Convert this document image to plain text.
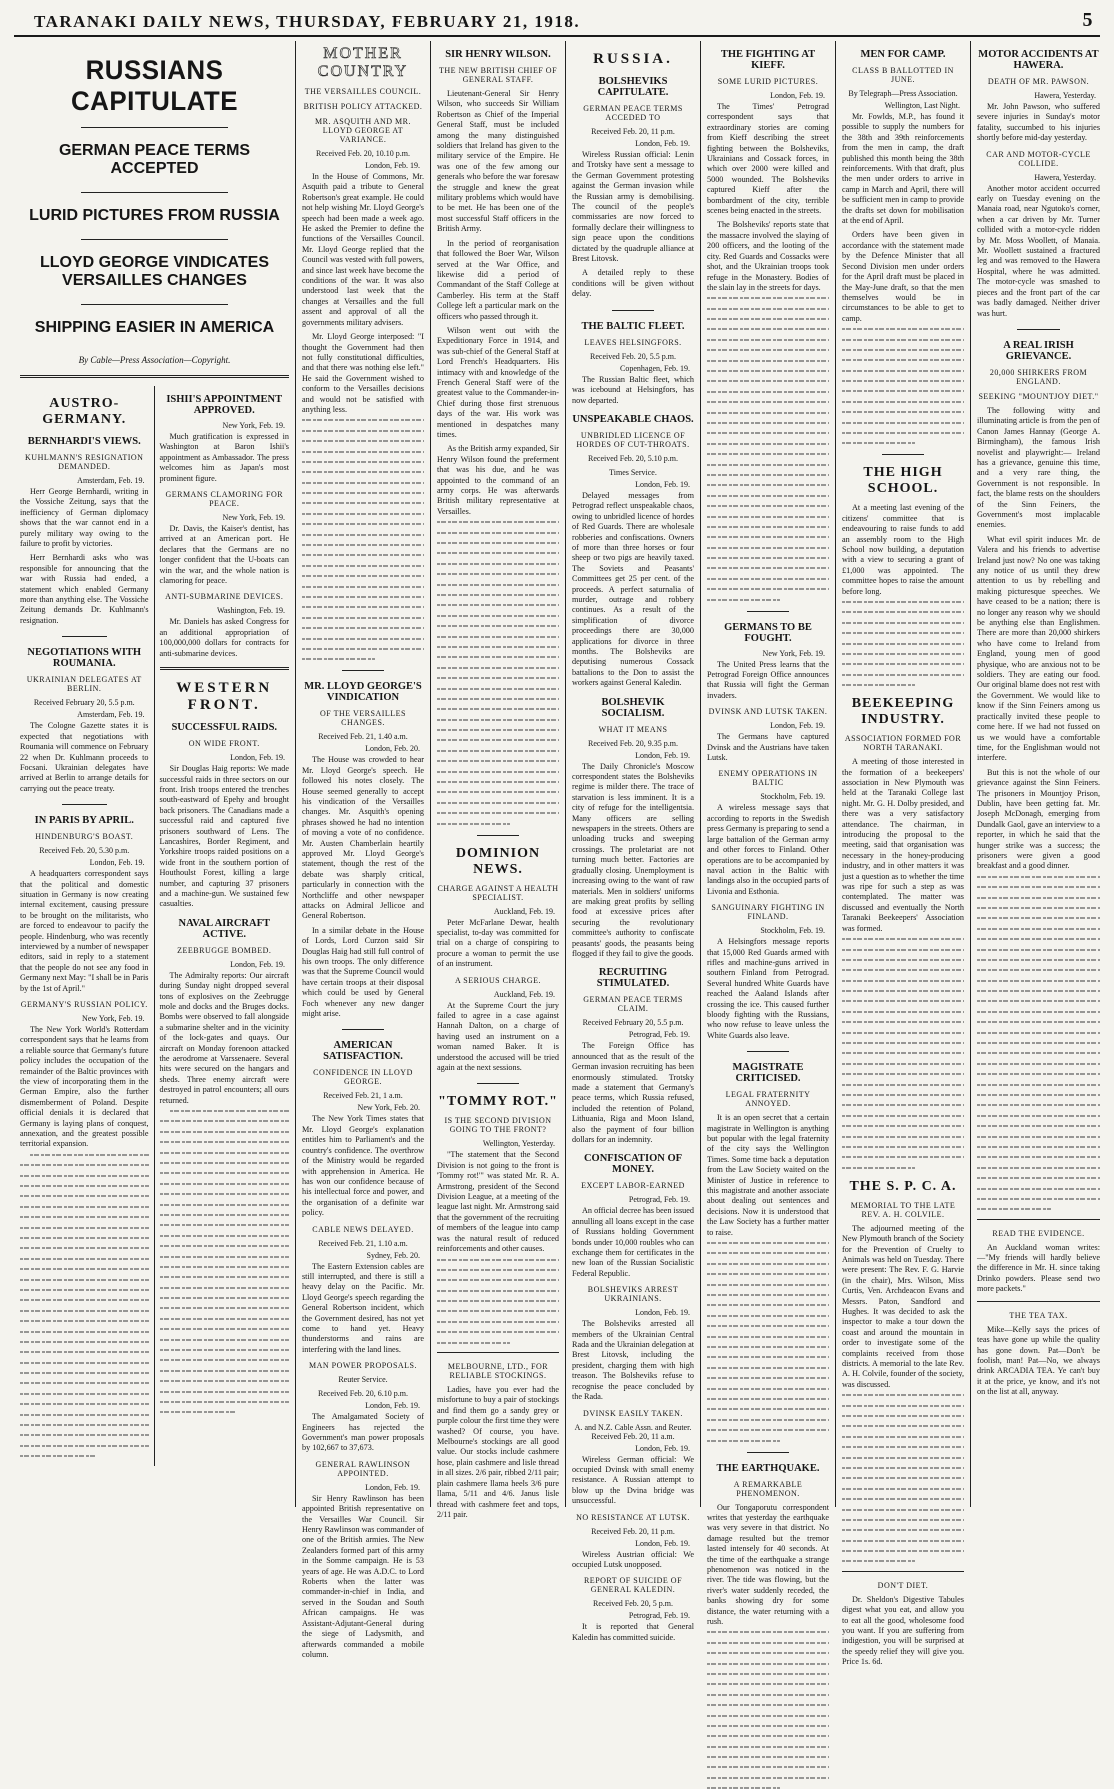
TARANAKI DAILY NEWS, THURSDAY, FEBRUARY 21, 1918.	5
RUSSIANS CAPITULATE
GERMAN PEACE TERMS ACCEPTED
LURID PICTURES FROM RUSSIA
LLOYD GEORGE VINDICATES VERSAILLES CHANGES
SHIPPING EASIER IN AMERICA
By Cable—Press Association—Copyright.
AUSTRO-GERMANY.
BERNHARDI'S VIEWS.
KUHLMANN'S RESIGNATION DEMANDED.
Amsterdam, Feb. 19.

Herr George Bernhardi, writing in the Vossiche Zeitung, says that the inefficiency of German diplomacy shows that the war cannot end in a purely military way owing to the failure to profit by victories.

Herr Bernhardi asks who was responsible for announcing that the war with Russia had ended, a statement which enabled Germany more than anything else. The Vossiche Zeitung demands Dr. Kuhlmann's resignation.

NEGOTIATIONS WITH ROUMANIA.
UKRAINIAN DELEGATES AT BERLIN.
Received February 20, 5.5 p.m.
Amsterdam, Feb. 19.

The Cologne Gazette states it is expected that negotiations with Roumania will commence on February 22 when Dr. Kuhlmann proceeds to Focsani. Ukrainian delegates have arrived at Berlin to arrange details for carrying out the peace treaty.

IN PARIS BY APRIL.
HINDENBURG'S BOAST.
Received Feb. 20, 5.30 p.m.
London, Feb. 19.

A headquarters correspondent says that the political and domestic situation in Germany is now creating internal excitement, causing pressure to be brought on the militarists, who are forced to endeavour to pacify the people. Hindenburg, who was recently interviewed by a number of newspaper editors, said in reply to a statement that the people do not see any food in Germany next May: "I shall be in Paris by the 1st of April."

GERMANY'S RUSSIAN POLICY.
New York, Feb. 19.

The New York World's Rotterdam correspondent says that he learns from a reliable source that Germany's future policy includes the occupation of the remainder of the Baltic provinces with the view of incorporating them in the German Empire, also the further dismemberment of Poland. Despite official denials it is declared that Germany is laying plans of conquest, annexation, and the greatest possible territorial expansion.

ISHII'S APPOINTMENT APPROVED.
New York, Feb. 19.

Much gratification is expressed in Washington at Baron Ishii's appointment as Ambassador. The press welcomes him as Japan's most prominent figure.

GERMANS CLAMORING FOR PEACE.
New York, Feb. 19.

Dr. Davis, the Kaiser's dentist, has arrived at an American port. He declares that the Germans are no longer confident that the U-boats can win the war, and the whole nation is clamoring for peace.

ANTI-SUBMARINE DEVICES.
Washington, Feb. 19.

Mr. Daniels has asked Congress for an additional appropriation of 100,000,000 dollars for contracts for anti-submarine devices.

WESTERN FRONT.
SUCCESSFUL RAIDS.
ON WIDE FRONT.
London, Feb. 19.

Sir Douglas Haig reports: We made successful raids in three sectors on our front. Irish troops entered the trenches south-eastward of Epehy and brought back prisoners. The Canadians made a successful raid and captured five prisoners southward of Lens. The Lancashires, Border Regiment, and Yorkshire troops raided positions on a wide front in the southern portion of Houthoulst Forest, killing a large number, and capturing 37 prisoners and a machine-gun. We sustained few casualties.

NAVAL AIRCRAFT ACTIVE.
ZEEBRUGGE BOMBED.
London, Feb. 19.

The Admiralty reports: Our aircraft during Sunday night dropped several tons of explosives on the Zeebrugge mole and docks and the Bruges docks. Bombs were observed to fall alongside a submarine shelter and in the vicinity of the lock-gates and quays. Our aircraft on Monday forenoon attacked the aerodrome at Varssenaere. Several hits were secured on the hangars and sheds. Three enemy aircraft were destroyed in patrol encounters; all ours returned.

MOTHER COUNTRY
THE VERSAILLES COUNCIL.
BRITISH POLICY ATTACKED.
MR. ASQUITH AND MR. LLOYD GEORGE AT VARIANCE.
Received Feb. 20, 10.10 p.m.
London, Feb. 19.

In the House of Commons, Mr. Asquith paid a tribute to General Robertson's great example. He could not help wishing Mr. Lloyd George's speech had been made a week ago. He asked the Premier to define the functions of the Versailles Council. Mr. Lloyd George replied that the Council was vested with full powers, and since last week have become the conditions of the war. It was also understood last week that the changes at Versailles and the full assent and approval of all the governments military advisers.

Mr. Lloyd George interposed: "I thought the Government had then not fully constitutional difficulties, and that there was nothing else left." He said the Government wished to conform to the Versailles decisions and would not be satisfied with anything less.

MR. LLOYD GEORGE'S VINDICATION
OF THE VERSAILLES CHANGES.
Received Feb. 21, 1.40 a.m.
London, Feb. 20.

The House was crowded to hear Mr. Lloyd George's speech. He followed his notes closely. The House seemed generally to accept his vindication of the Versailles changes. Mr. Asquith's opening phrases showed he had no intention of moving a vote of no confidence. Mr. Austen Chamberlain heartily approved Mr. Lloyd George's statement, though the rest of the debate was sharply critical, particularly in connection with the Northcliffe and other newspaper attacks on Admiral Jellicoe and General Robertson.

In a similar debate in the House of Lords, Lord Curzon said Sir Douglas Haig had still full control of his own troops. The only difference was that the Supreme Council would have certain troops at their disposal which could be used by General Foch whenever any new danger might arise.

AMERICAN SATISFACTION.
CONFIDENCE IN LLOYD GEORGE.
Received Feb. 21, 1 a.m.
New York, Feb. 20.

The New York Times states that Mr. Lloyd George's explanation entitles him to Parliament's and the country's confidence. The overthrow of the Ministry would be regarded with apprehension in America. He has won our confidence because of his intellectual force and power, and the organisation of a definite war policy.

CABLE NEWS DELAYED.
Received Feb. 21, 1.10 a.m.
Sydney, Feb. 20.

The Eastern Extension cables are still interrupted, and there is still a heavy delay on the Pacific. Mr. Lloyd George's speech regarding the General Robertson incident, which the Government desired, has not yet come to hand yet. Heavy thunderstorms and rains are interfering with the land lines.

MAN POWER PROPOSALS.
Reuter Service.
Received Feb. 20, 6.10 p.m.
London, Feb. 19.

The Amalgamated Society of Engineers has rejected the Government's man power proposals by 102,667 to 37,673.

GENERAL RAWLINSON APPOINTED.
London, Feb. 19.

Sir Henry Rawlinson has been appointed British representative on the Versailles War Council. Sir Henry Rawlinson was commander of one of the British armies. The New Zealanders formed part of this army in the Somme campaign. He is 53 years of age. He was A.D.C. to Lord Roberts when the latter was commander-in-chief in India, and served in the Soudan and South African campaigns. He was Assistant-Adjutant-General during the siege of Ladysmith, and afterwards commanded a mobile column.

SIR HENRY WILSON.
THE NEW BRITISH CHIEF OF GENERAL STAFF.

Lieutenant-General Sir Henry Wilson, who succeeds Sir William Robertson as Chief of the Imperial General Staff, must be included among the many distinguished soldiers that Ireland has given to the military service of the Empire. He was one of the few among our generals who before the war foresaw the struggle and knew the great military problems which would have to be met. He has been one of the most successful Staff officers in the British Army.

In the period of reorganisation that followed the Boer War, Wilson served at the War Office, and likewise did a period of Commandant of the Staff College at Camberley. His term at the Staff College left a particular mark on the officers who passed through it.

Wilson went out with the Expeditionary Force in 1914, and was sub-chief of the General Staff at Lord French's Headquarters. His intimacy with and knowledge of the French General Staff were of the greatest value to the Commander-in-Chief during those first strenuous days of the war. His work was mentioned in despatches many times.

As the British army expanded, Sir Henry Wilson found the preferment that was his due, and he was appointed to the command of an army corps. He was afterwards British military representative at Versailles.

DOMINION NEWS.
CHARGE AGAINST A HEALTH SPECIALIST.
Auckland, Feb. 19.

Peter McFarlane Dewar, health specialist, to-day was committed for trial on a charge of conspiring to procure a woman to permit the use of an instrument.

A SERIOUS CHARGE.
Auckland, Feb. 19.

At the Supreme Court the jury failed to agree in a case against Hannah Dalton, on a charge of having used an instrument on a woman named Baker. It is understood the accused will be tried again at the next sessions.

"TOMMY ROT."
IS THE SECOND DIVISION GOING TO THE FRONT?
Wellington, Yesterday.

"The statement that the Second Division is not going to the front is 'Tommy rot!'" was stated Mr. R. A. Armstrong, president of the Second Division League, at a meeting of the league last night. Mr. Armstrong said that the government of the recruiting of members of the league into camp was the natural result of reduced reinforcements and other causes.

MELBOURNE, LTD., FOR RELIABLE STOCKINGS.

Ladies, have you ever had the misfortune to buy a pair of stockings and find them go a sandy grey or purple colour the first time they were washed? Of course, you have. Melbourne's stockings are all good value. Our stocks include cashmere hose, plain cashmere and lisle thread in all sizes. 2/6 pair, ribbed 2/11 pair; plain cashmere llama heels 3/6 pure llama, 5/11 and 4/6. Janus lisle thread with cashmere feet and tops, 2/11 pair.

RUSSIA.
BOLSHEVIKS CAPITULATE.
GERMAN PEACE TERMS ACCEDED TO
Received Feb. 20, 11 p.m.
London, Feb. 19.

Wireless Russian official: Lenin and Trotsky have sent a message to the German Government protesting against the German invasion while the Russian army is demobilising. The council of the people's commissaries are now forced to formally declare their willingness to sign peace upon the conditions dictated by the quadruple alliance at Brest Litovsk.

A detailed reply to these conditions will be given without delay.

THE BALTIC FLEET.
LEAVES HELSINGFORS.
Received Feb. 20, 5.5 p.m.
Copenhagen, Feb. 19.

The Russian Baltic fleet, which was icebound at Helsingfors, has now departed.

UNSPEAKABLE CHAOS.
UNBRIDLED LICENCE OF HORDES OF CUT-THROATS.
Received Feb. 20, 5.10 p.m.
Times Service.
London, Feb. 19.

Delayed messages from Petrograd reflect unspeakable chaos, owing to unbridled licence of hordes of Red Guards. There are wholesale robberies and confiscations. Owners of more than three horses or four sheep or two pigs are heavily taxed. The Soviets and Peasants' Committees get 25 per cent. of the proceeds. A perfect saturnalia of murder, outrage and robbery continues. As a result of the simplification of divorce proceedings there are 30,000 applications for divorce in three months. The Bolsheviks are deputising numerous Cossack battalions to the Don to assist the workers against General Kaledin.

BOLSHEVIK SOCIALISM.
WHAT IT MEANS
Received Feb. 20, 9.35 p.m.
London, Feb. 19.

The Daily Chronicle's Moscow correspondent states the Bolsheviks regime is milder there. The trace of starvation is less imminent. It is a city of refuge for the intelligentsia. Many officers are selling newspapers in the streets. Others are unloading trucks and sweeping crossings. The proletariat are not turning much better. Factories are gradually closing. Unemployment is increasing owing to the want of raw materials. Men in soldiers' uniforms are making great profits by selling food at excessive prices after securing the revolutionary committee's authority to confiscate peasants' goods, the peasants being flogged if they fail to give the goods.

RECRUITING STIMULATED.
GERMAN PEACE TERMS CLAIM.
Received February 20, 5.5 p.m.
Petrograd, Feb. 19.

The Foreign Office has announced that as the result of the German invasion recruiting has been enormously stimulated. Trotsky made a statement that Germany's peace terms, which Russia refused, included the retention of Poland, Lithuania, Riga and Moon Island, also the payment of four billion dollars for an indemnity.

CONFISCATION OF MONEY.
EXCEPT LABOR-EARNED
Petrograd, Feb. 19.

An official decree has been issued annulling all loans except in the case of Russians holding Government bonds under 10,000 roubles who can exchange them for certificates in the new loan of the Russian Socialistic Federal Republic.

BOLSHEVIKS ARREST UKRAINIANS.
London, Feb. 19.

The Bolsheviks arrested all members of the Ukrainian Central Rada and the Ukrainian delegation at Brest Litovsk, including the president, charging them with high treason. The Bolsheviks refuse to recognise the peace concluded by the Rada.

DVINSK EASILY TAKEN.
A. and N.Z. Cable Assn. and Reuter. Received Feb. 20, 11 a.m.
London, Feb. 19.

Wireless German official: We occupied Dvinsk with small enemy resistance. A Russian attempt to blow up the Dvina bridge was unsuccessful.

NO RESISTANCE AT LUTSK.
Received Feb. 20, 11 p.m.
London, Feb. 19.

Wireless Austrian official: We occupied Lutsk unopposed.

REPORT OF SUICIDE OF GENERAL KALEDIN.
Received Feb. 20, 5 p.m.
Petrograd, Feb. 19.

It is reported that General Kaledin has committed suicide.

THE FIGHTING AT KIEFF.
SOME LURID PICTURES.
London, Feb. 19.

The Times' Petrograd correspondent says that extraordinary stories are coming from Kieff describing the street fighting between the Bolsheviks, Ukrainians and Cossack forces, in which over 2000 were killed and 5000 wounded. The Bolsheviks captured Kieff after the bombardment of the city, terrible scenes being enacted in the streets.

The Bolsheviks' reports state that the massacre involved the slaying of 200 officers, and the looting of the city. Red Guards and Cossacks were shot, and the Ukrainian troops took refuge in the Monastery. Bodies of the slain lay in the streets for days.

GERMANS TO BE FOUGHT.
New York, Feb. 19.

The United Press learns that the Petrograd Foreign Office announces that Russia will fight the German invaders.

DVINSK AND LUTSK TAKEN.
London, Feb. 19.

The Germans have captured Dvinsk and the Austrians have taken Lutsk.

ENEMY OPERATIONS IN BALTIC
Stockholm, Feb. 19.

A wireless message says that according to reports in the Swedish press Germany is preparing to send a large battalion of the German army and other forces to Finland. Other operations are to be accompanied by naval action in the Baltic with landings also in the occupied parts of Livonia and Esthonia.

SANGUINARY FIGHTING IN FINLAND.
Stockholm, Feb. 19.

A Helsingfors message reports that 15,000 Red Guards armed with rifles and machine-guns arrived in southern Finland from Petrograd. Several hundred White Guards have reached the Aaland Islands after crossing the ice. This caused further bloody fighting with the Russians, who now refuse to leave unless the White Guards also leave.

MAGISTRATE CRITICISED.
LEGAL FRATERNITY ANNOYED.

It is an open secret that a certain magistrate in Wellington is anything but popular with the legal fraternity of the city says the Wellington Times. Some time back a deputation from the Law Society waited on the Minister of Justice in reference to this magistrate and another associate about dealing out sentences and decisions. Now it is understood that the Law Society has a further matter to raise.

THE EARTHQUAKE.
A REMARKABLE PHENOMENON.

Our Tongaporutu correspondent writes that yesterday the earthquake was very severe in that district. No damage resulted but the tremor lasted intensely for 40 seconds. At the time of the earthquake a strange phenomenon was noticed in the river. The tide was flowing, but the river's water suddenly receded, the banks showing dry for some distance, the water returning with a rush.

MEN FOR CAMP.
CLASS B BALLOTTED IN JUNE.
By Telegraph—Press Association.
Wellington, Last Night.

Mr. Fowlds, M.P., has found it possible to supply the numbers for the 38th and 39th reinforcements from the men in camp, the draft published this month being the 38th reinforcements. With that draft, plus the men under orders to arrive in camp in March and April, there will be sufficient men in camp to provide the drafts set down for mobilisation at the end of April.

Orders have been given in accordance with the statement made by the Defence Minister that all Second Division men under orders for the April draft must be placed in the May-June draft, so that the men themselves would be in circumstances to be able to get to camp.

THE HIGH SCHOOL.

At a meeting last evening of the citizens' committee that is endeavouring to raise funds to add an assembly room to the High School now building, a deputation with a view to securing a grant of £1,000 was appointed. The committee hopes to raise the amount before long.

BEEKEEPING INDUSTRY.
ASSOCIATION FORMED FOR NORTH TARANAKI.

A meeting of those interested in the formation of a beekeepers' association in New Plymouth was held at the Taranaki College last night. Mr. G. H. Dolby presided, and there was a very satisfactory attendance. The chairman, in introducing the proposal to the meeting, said that organisation was necessary in the honey-producing industry, and in other matters it was just a question as to whether the time was ripe for such a step as was contemplated. The matter was discussed and eventually the North Taranaki Beekeepers' Association was formed.

THE S. P. C. A.
MEMORIAL TO THE LATE REV. A. H. COLVILE.

The adjourned meeting of the New Plymouth branch of the Society for the Prevention of Cruelty to Animals was held on Tuesday. There were present: The Rev. F. G. Harvie (in the chair), Mrs. Wilson, Miss Curtis, Ven. Archdeacon Evans and Messrs. Paton, Sandford and Hughes. It was decided to ask the inspector to make a tour down the coast and around the mountain in order to investigate some of the complaints received from those districts. A memorial to the late Rev. A. H. Colvile, founder of the society, was discussed.

DON'T DIET.

Dr. Sheldon's Digestive Tabules digest what you eat, and allow you to eat all the good, wholesome food you want. If you are suffering from indigestion, you will be surprised at the speedy relief they will give you. Price 1s. 6d.

MOTOR ACCIDENTS AT HAWERA.
DEATH OF MR. PAWSON.
Hawera, Yesterday.

Mr. John Pawson, who suffered severe injuries in Sunday's motor fatality, succumbed to his injuries shortly before mid-day yesterday.

CAR AND MOTOR-CYCLE COLLIDE.
Hawera, Yesterday.

Another motor accident occurred early on Tuesday evening on the Manaia road, near Ngutoko's corner, when a car driven by Mr. Turner collided with a motor-cycle ridden by Mr. Moss Woollett, of Manaia. Mr. Woollett sustained a fractured leg and was removed to the Hawera Hospital, where he was admitted. The motor-cycle was smashed to pieces and the front part of the car was badly damaged. Neither driver was hurt.

A REAL IRISH GRIEVANCE.
20,000 SHIRKERS FROM ENGLAND.
SEEKING "MOUNTJOY DIET."

The following witty and illuminating article is from the pen of Canon James Hannay (George A. Birmingham), the famous Irish novelist and playwright:— Ireland has a grievance, genuine this time, and a very rare thing, the Government is not responsible. In fact, the blame rests on the shoulders of the Sinn Feiners, the Government's most implacable enemies.

What evil spirit induces Mr. de Valera and his friends to advertise Ireland just now? No one was taking any notice of us until they drew attention to us by rebelling and making picturesque speeches. We have ceased to be a nation; there is no longer any reason why we should be anything else than Englishmen. There are more than 20,000 shirkers who have come to Ireland from England, young men of good physique, who are anxious not to be soldiers. They are eating our food. Our original blame does not rest with the Government. We would like to know if the Sinn Feiners among us practically invited these people to come here. If we had not fussed on us we would have a comfortable time, for the Englishman would not interfere.

But this is not the whole of our grievance against the Sinn Feiners. The prisoners in Mountjoy Prison, Dublin, have been getting fat. Mr. Joseph McDonagh, emerging from Dundalk Gaol, gave an interview to a reporter, in which he said that the hunger strike was a success; the prisoners were given a good breakfast and a good dinner.

READ THE EVIDENCE.

An Auckland woman writes:—"My friends will hardly believe the difference in Mr. H. since taking Drinko powders. Please send two more packets."

THE TEA TAX.

Mike—Kelly says the prices of teas have gone up while the quality has gone down. Pat—Don't be foolish, man! Pat—No, we always drink ARCADIA TEA. Ye can't buy it at the price, ye know, and it's not on the list at all, anyway.
